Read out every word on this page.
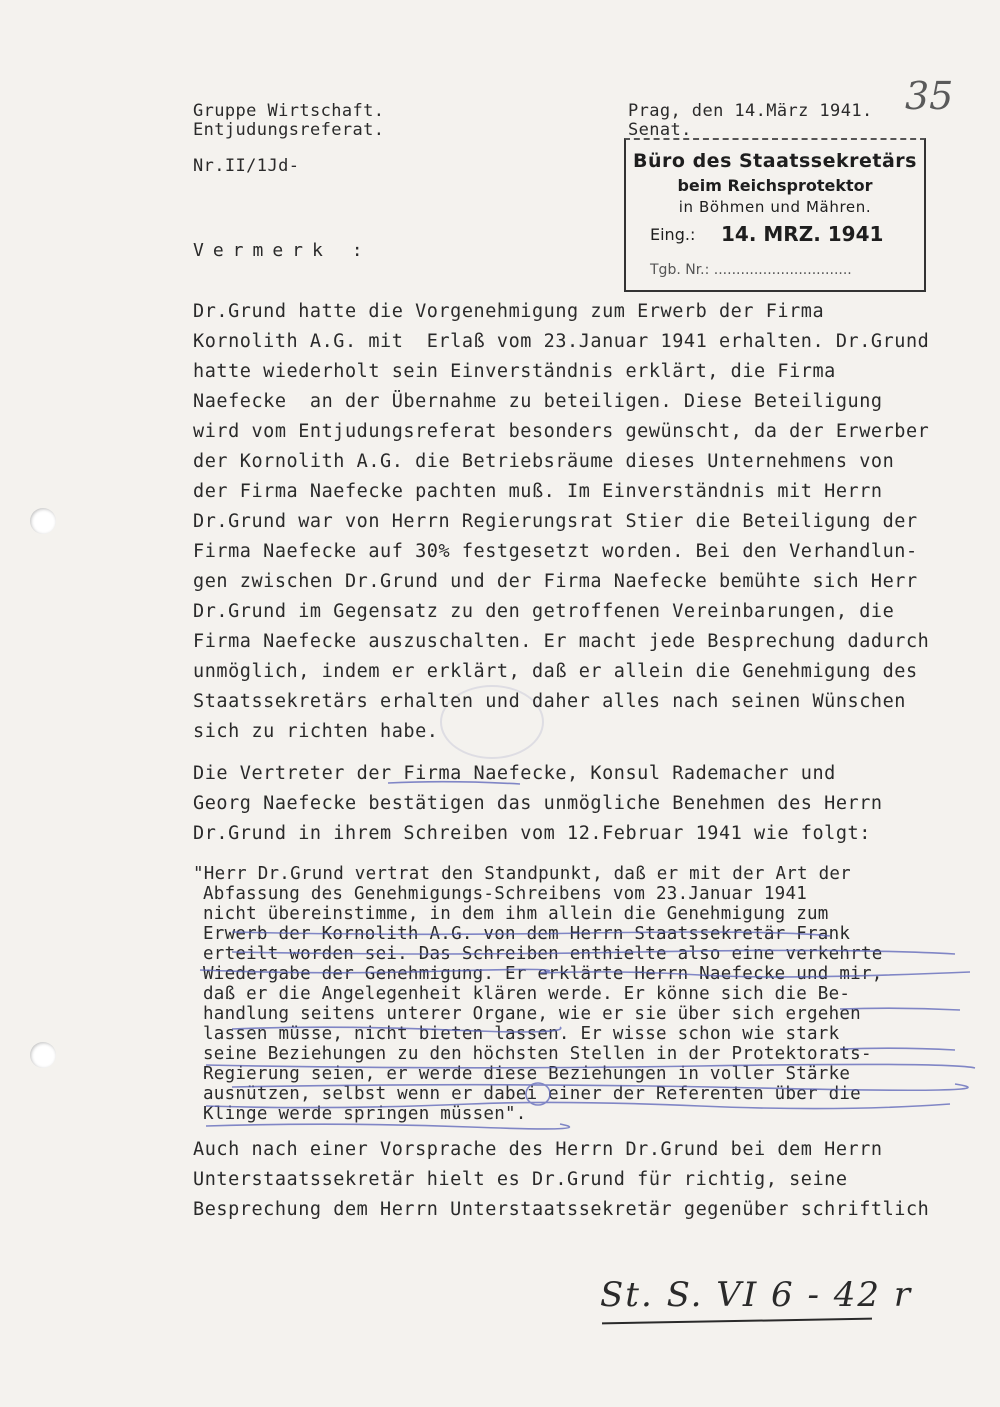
Gruppe Wirtschaft.
Entjudungsreferat.
Nr.II/1Jd-
Prag, den 14.März 1941.
Senat.
35
Büro des Staatssekretärs
beim Reichsprotektor
in Böhmen und Mähren.
Eing.: 14. MRZ. 1941
Tgb. Nr.: ...............................
Vermerk :
Dr.Grund hatte die Vorgenehmigung zum Erwerb der Firma
Kornolith A.G. mit  Erlaß vom 23.Januar 1941 erhalten. Dr.Grund
hatte wiederholt sein Einverständnis erklärt, die Firma
Naefecke  an der Übernahme zu beteiligen. Diese Beteiligung
wird vom Entjudungsreferat besonders gewünscht, da der Erwerber
der Kornolith A.G. die Betriebsräume dieses Unternehmens von
der Firma Naefecke pachten muß. Im Einverständnis mit Herrn
Dr.Grund war von Herrn Regierungsrat Stier die Beteiligung der
Firma Naefecke auf 30% festgesetzt worden. Bei den Verhandlun-
gen zwischen Dr.Grund und der Firma Naefecke bemühte sich Herr
Dr.Grund im Gegensatz zu den getroffenen Vereinbarungen, die
Firma Naefecke auszuschalten. Er macht jede Besprechung dadurch
unmöglich, indem er erklärt, daß er allein die Genehmigung des
Staatssekretärs erhalten und daher alles nach seinen Wünschen
sich zu richten habe.
Die Vertreter der Firma Naefecke, Konsul Rademacher und
Georg Naefecke bestätigen das unmögliche Benehmen des Herrn
Dr.Grund in ihrem Schreiben vom 12.Februar 1941 wie folgt:
"Herr Dr.Grund vertrat den Standpunkt, daß er mit der Art der
Abfassung des Genehmigungs-Schreibens vom 23.Januar 1941
nicht übereinstimme, in dem ihm allein die Genehmigung zum
Erwerb der Kornolith A.G. von dem Herrn Staatssekretär Frank
erteilt worden sei. Das Schreiben enthielte also eine verkehrte
Wiedergabe der Genehmigung. Er erklärte Herrn Naefecke und mir,
daß er die Angelegenheit klären werde. Er könne sich die Be-
handlung seitens unterer Organe, wie er sie über sich ergehen
lassen müsse, nicht bieten lassen. Er wisse schon wie stark
seine Beziehungen zu den höchsten Stellen in der Protektorats-
Regierung seien, er werde diese Beziehungen in voller Stärke
ausnützen, selbst wenn er dabei einer der Referenten über die
Klinge werde springen müssen".
Auch nach einer Vorsprache des Herrn Dr.Grund bei dem Herrn
Unterstaatssekretär hielt es Dr.Grund für richtig, seine
Besprechung dem Herrn Unterstaatssekretär gegenüber schriftlich
St. S. VI 6 - 42 r
